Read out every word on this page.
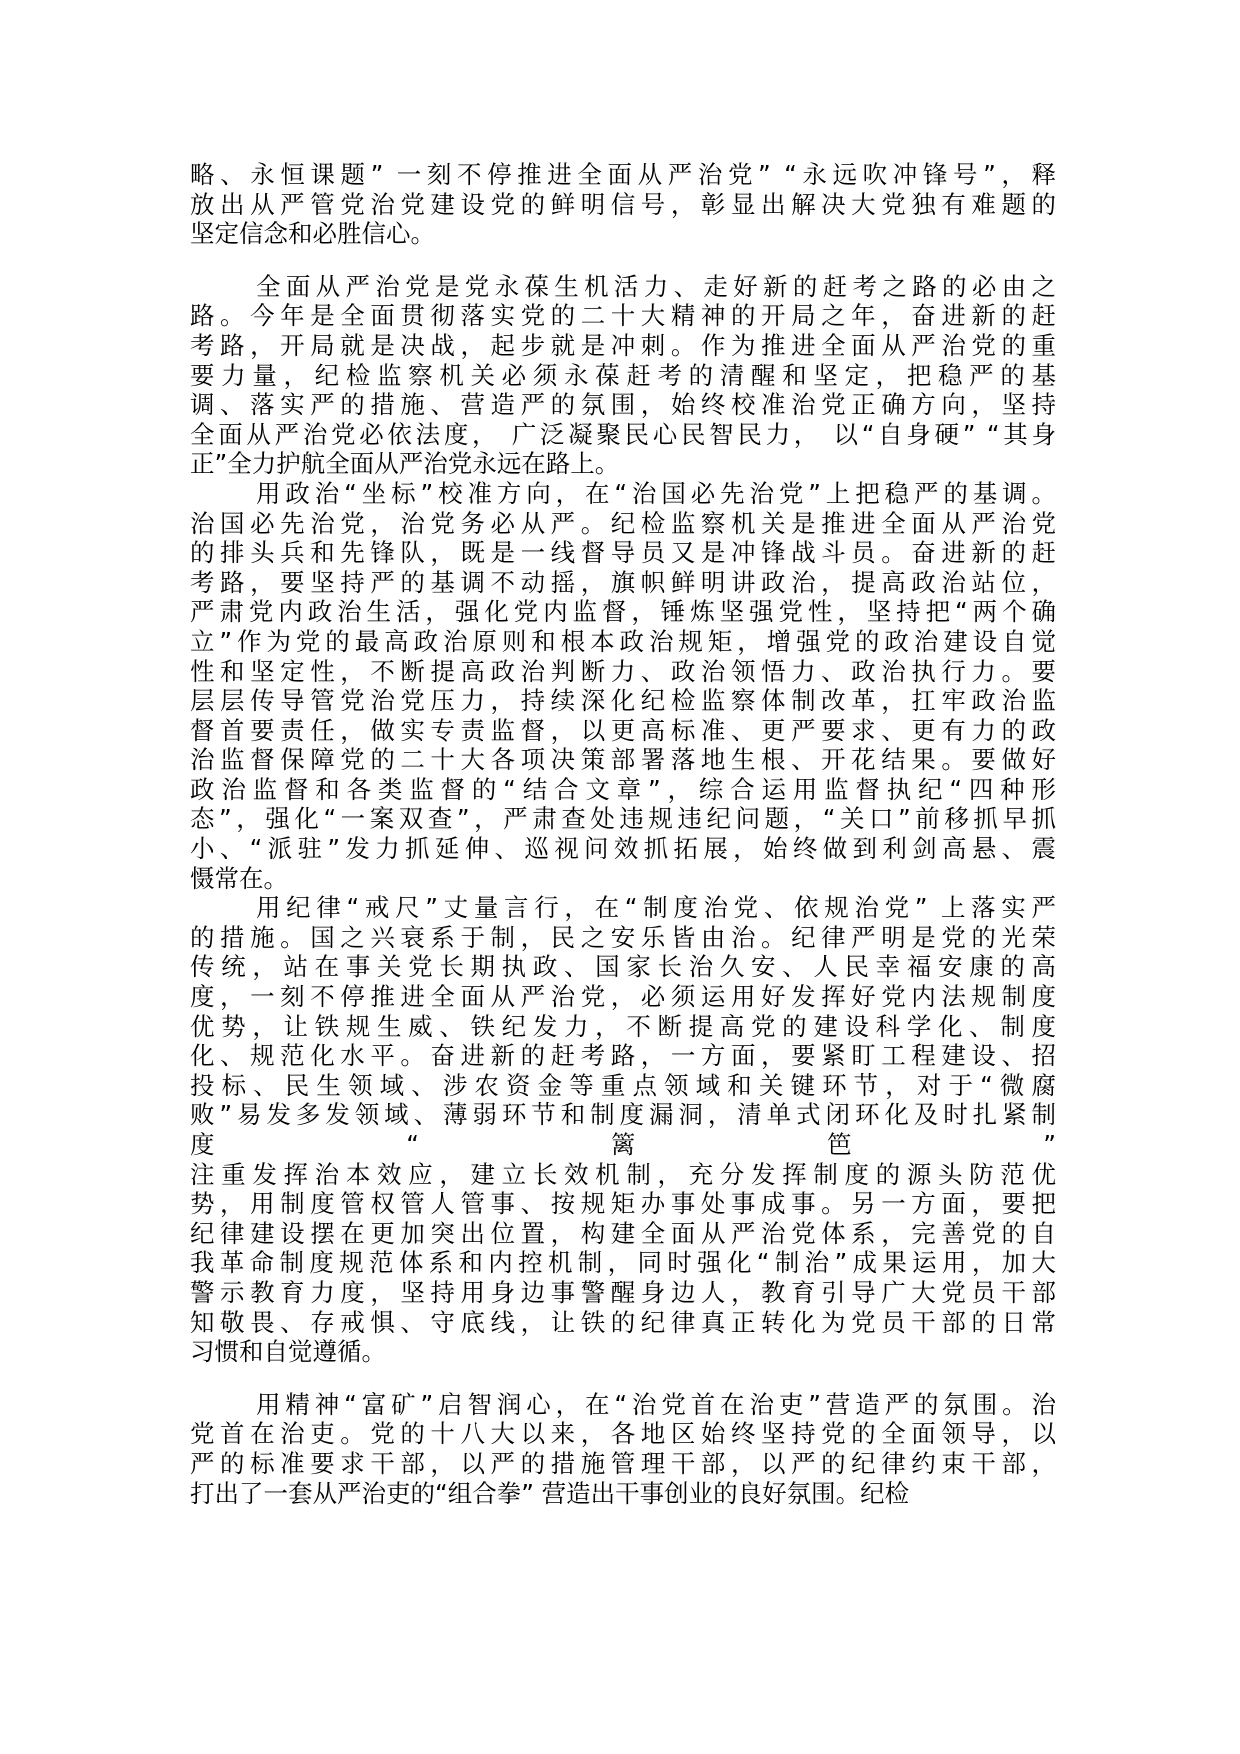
略、永恒课题” 一刻不停推进全面从严治党” “永远吹冲锋号”，释
放出从严管党治党建设党的鲜明信号，彰显出解决大党独有难题的
坚定信念和必胜信心。
全面从严治党是党永葆生机活力、走好新的赶考之路的必由之
路。今年是全面贯彻落实党的二十大精神的开局之年，奋进新的赶
考路，开局就是决战，起步就是冲刺。作为推进全面从严治党的重
要力量，纪检监察机关必须永葆赶考的清醒和坚定，把稳严的基
调、落实严的措施、营造严的氛围，始终校准治党正确方向，坚持
全面从严治党必依法度， 广泛凝聚民心民智民力， 以“自身硬” “其身
正”全力护航全面从严治党永远在路上。
用政治“坐标”校准方向，在“治国必先治党”上把稳严的基调。
治国必先治党，治党务必从严。纪检监察机关是推进全面从严治党
的排头兵和先锋队，既是一线督导员又是冲锋战斗员。奋进新的赶
考路，要坚持严的基调不动摇，旗帜鲜明讲政治，提高政治站位，
严肃党内政治生活，强化党内监督，锤炼坚强党性，坚持把“两个确
立”作为党的最高政治原则和根本政治规矩，增强党的政治建设自觉
性和坚定性，不断提高政治判断力、政治领悟力、政治执行力。要
层层传导管党治党压力，持续深化纪检监察体制改革，扛牢政治监
督首要责任，做实专责监督，以更高标准、更严要求、更有力的政
治监督保障党的二十大各项决策部署落地生根、开花结果。要做好
政治监督和各类监督的“结合文章”，综合运用监督执纪“四种形
态”，强化“一案双查”，严肃查处违规违纪问题，“关口”前移抓早抓
小、“派驻”发力抓延伸、巡视问效抓拓展，始终做到利剑高悬、震
慑常在。
用纪律“戒尺”丈量言行，在“制度治党、依规治党” 上落实严
的措施。国之兴衰系于制，民之安乐皆由治。纪律严明是党的光荣
传统，站在事关党长期执政、国家长治久安、人民幸福安康的高
度，一刻不停推进全面从严治党，必须运用好发挥好党内法规制度
优势，让铁规生威、铁纪发力，不断提高党的建设科学化、制度
化、规范化水平。奋进新的赶考路，一方面，要紧盯工程建设、招
投标、民生领域、涉农资金等重点领域和关键环节，对于“微腐
败”易发多发领域、薄弱环节和制度漏洞，清单式闭环化及时扎紧制
度“篱笆”
注重发挥治本效应，建立长效机制，充分发挥制度的源头防范优
势，用制度管权管人管事、按规矩办事处事成事。另一方面，要把
纪律建设摆在更加突出位置，构建全面从严治党体系，完善党的自
我革命制度规范体系和内控机制，同时强化“制治”成果运用，加大
警示教育力度，坚持用身边事警醒身边人，教育引导广大党员干部
知敬畏、存戒惧、守底线，让铁的纪律真正转化为党员干部的日常
习惯和自觉遵循。
用精神“富矿”启智润心，在“治党首在治吏”营造严的氛围。治
党首在治吏。党的十八大以来，各地区始终坚持党的全面领导，以
严的标准要求干部，以严的措施管理干部，以严的纪律约束干部，
打出了一套从严治吏的“组合拳” 营造出干事创业的良好氛围。纪检
